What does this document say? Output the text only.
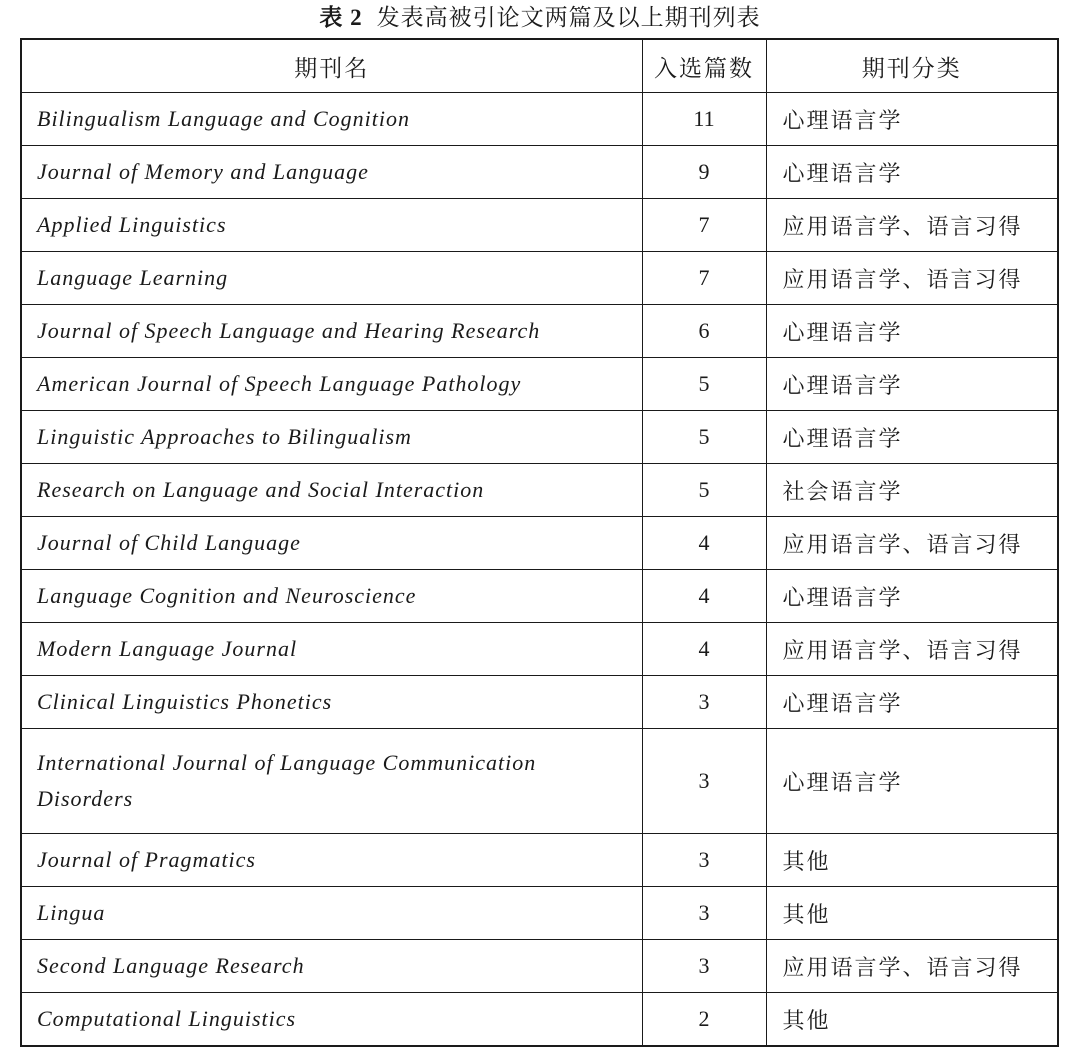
表 2 发表高被引论文两篇及以上期刊列表
期刊名	入选篇数	期刊分类
Bilingualism Language and Cognition	11	心理语言学
Journal of Memory and Language	9	心理语言学
Applied Linguistics	7	应用语言学、语言习得
Language Learning	7	应用语言学、语言习得
Journal of Speech Language and Hearing Research	6	心理语言学
American Journal of Speech Language Pathology	5	心理语言学
Linguistic Approaches to Bilingualism	5	心理语言学
Research on Language and Social Interaction	5	社会语言学
Journal of Child Language	4	应用语言学、语言习得
Language Cognition and Neuroscience	4	心理语言学
Modern Language Journal	4	应用语言学、语言习得
Clinical Linguistics Phonetics	3	心理语言学
International Journal of Language Communication Disorders	3	心理语言学
Journal of Pragmatics	3	其他
Lingua	3	其他
Second Language Research	3	应用语言学、语言习得
Computational Linguistics	2	其他
